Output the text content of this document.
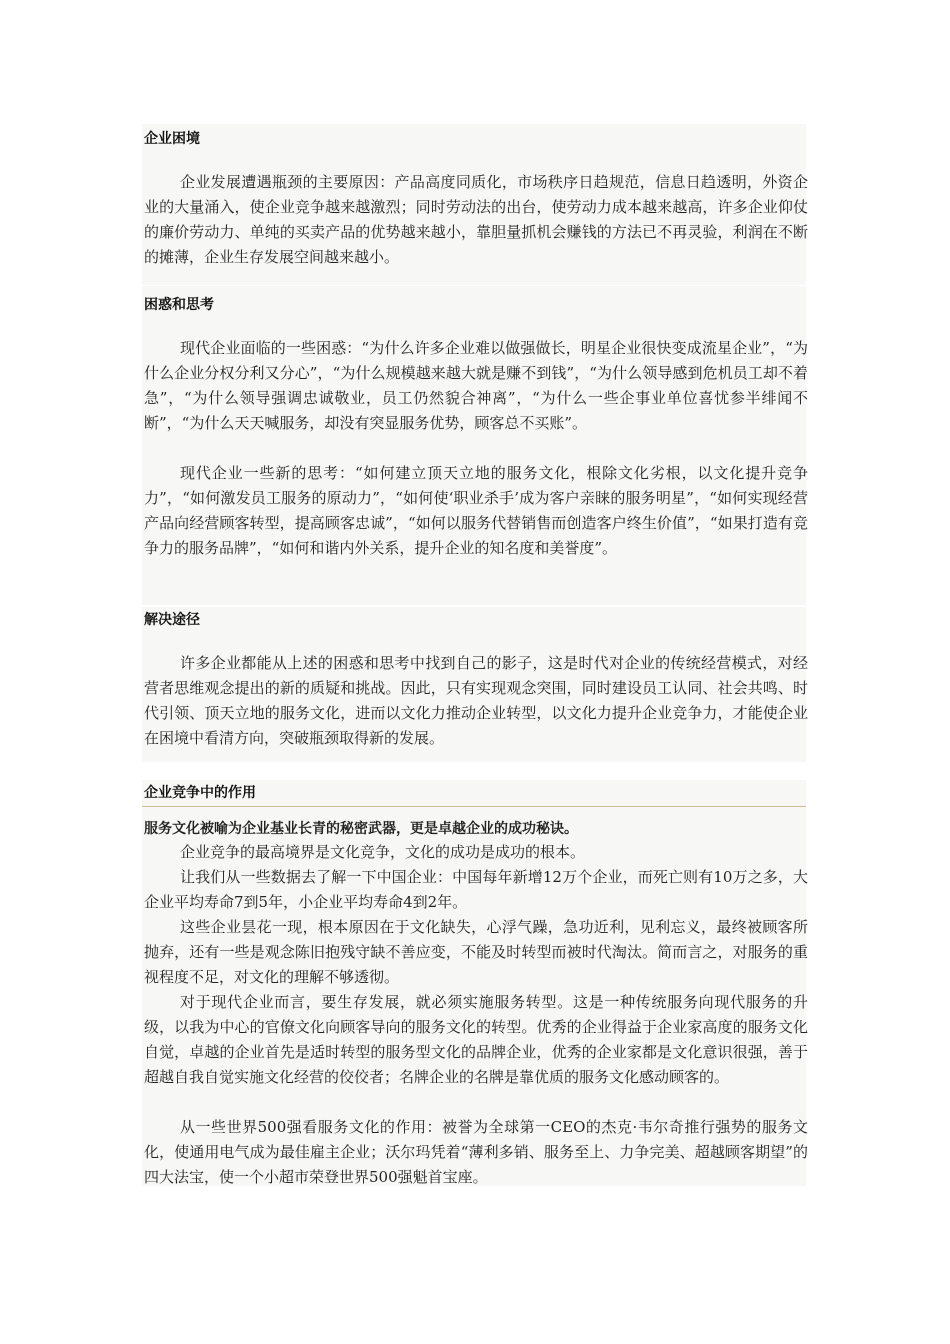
企业困境

企业发展遭遇瓶颈的主要原因：产品高度同质化，市场秩序日趋规范，信息日趋透明，外资企业的大量涌入，使企业竞争越来越激烈；同时劳动法的出台，使劳动力成本越来越高，许多企业仰仗的廉价劳动力、单纯的买卖产品的优势越来越小，靠胆量抓机会赚钱的方法已不再灵验，利润在不断的摊薄，企业生存发展空间越来越小。

困惑和思考

现代企业面临的一些困惑：“为什么许多企业难以做强做长，明星企业很快变成流星企业”，“为什么企业分权分利又分心”，“为什么规模越来越大就是赚不到钱”，“为什么领导感到危机员工却不着急”，“为什么领导强调忠诚敬业，员工仍然貌合神离”，“为什么一些企事业单位喜忧参半绯闻不断”，“为什么天天喊服务，却没有突显服务优势，顾客总不买账”。

现代企业一些新的思考：“如何建立顶天立地的服务文化，根除文化劣根，以文化提升竞争力”，“如何激发员工服务的原动力”，“如何使‘职业杀手’成为客户亲睐的服务明星”，“如何实现经营产品向经营顾客转型，提高顾客忠诚”，“如何以服务代替销售而创造客户终生价值”，“如果打造有竞争力的服务品牌”，“如何和谐内外关系，提升企业的知名度和美誉度”。

解决途径

许多企业都能从上述的困惑和思考中找到自己的影子，这是时代对企业的传统经营模式，对经营者思维观念提出的新的质疑和挑战。因此，只有实现观念突围，同时建设员工认同、社会共鸣、时代引领、顶天立地的服务文化，进而以文化力推动企业转型，以文化力提升企业竞争力，才能使企业在困境中看清方向，突破瓶颈取得新的发展。

企业竞争中的作用

服务文化被喻为企业基业长青的秘密武器，更是卓越企业的成功秘诀。

企业竞争的最高境界是文化竞争，文化的成功是成功的根本。

让我们从一些数据去了解一下中国企业：中国每年新增12万个企业，而死亡则有10万之多，大企业平均寿命7到5年，小企业平均寿命4到2年。

这些企业昙花一现，根本原因在于文化缺失，心浮气躁，急功近利，见利忘义，最终被顾客所抛弃，还有一些是观念陈旧抱残守缺不善应变，不能及时转型而被时代淘汰。简而言之，对服务的重视程度不足，对文化的理解不够透彻。

对于现代企业而言，要生存发展，就必须实施服务转型。这是一种传统服务向现代服务的升级，以我为中心的官僚文化向顾客导向的服务文化的转型。优秀的企业得益于企业家高度的服务文化自觉，卓越的企业首先是适时转型的服务型文化的品牌企业，优秀的企业家都是文化意识很强，善于超越自我自觉实施文化经营的佼佼者；名牌企业的名牌是靠优质的服务文化感动顾客的。

从一些世界500强看服务文化的作用：被誉为全球第一CEO的杰克·韦尔奇推行强势的服务文化，使通用电气成为最佳雇主企业；沃尔玛凭着“薄利多销、服务至上、力争完美、超越顾客期望”的四大法宝，使一个小超市荣登世界500强魁首宝座。
